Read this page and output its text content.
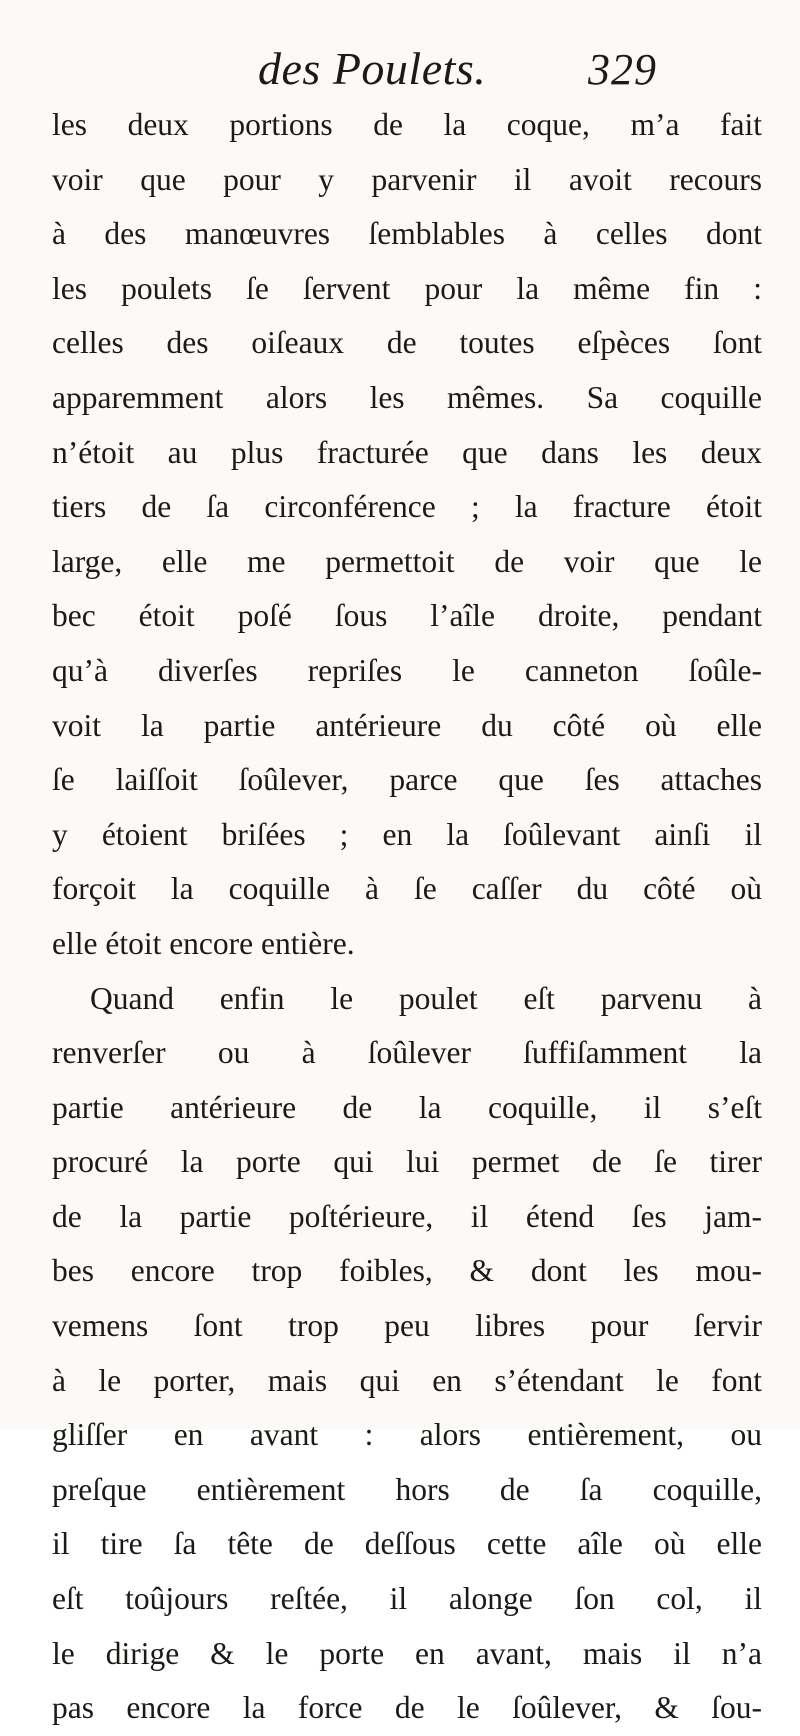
des Poulets. 329
les deux portions de la coque, m’a fait
voir que pour y parvenir il avoit recours
à des manœuvres ſemblables à celles dont
les poulets ſe ſervent pour la même fin :
celles des oiſeaux de toutes eſpèces ſont
apparemment alors les mêmes. Sa coquille
n’étoit au plus fracturée que dans les deux
tiers de ſa circonférence ; la fracture étoit
large, elle me permettoit de voir que le
bec étoit poſé ſous l’aîle droite, pendant
qu’à diverſes repriſes le canneton ſoûle-
voit la partie antérieure du côté où elle
ſe laiſſoit ſoûlever, parce que ſes attaches
y étoient briſées ; en la ſoûlevant ainſi il
forçoit la coquille à ſe caſſer du côté où
elle étoit encore entière.
Quand enfin le poulet eſt parvenu à
renverſer ou à ſoûlever ſuffiſamment la
partie antérieure de la coquille, il s’eſt
procuré la porte qui lui permet de ſe tirer
de la partie poſtérieure, il étend ſes jam-
bes encore trop foibles, & dont les mou-
vemens ſont trop peu libres pour ſervir
à le porter, mais qui en s’étendant le font
gliſſer en avant : alors entièrement, ou
preſque entièrement hors de ſa coquille,
il tire ſa tête de deſſous cette aîle où elle
eſt toûjours reſtée, il alonge ſon col, il
le dirige & le porte en avant, mais il n’a
pas encore la force de le ſoûlever, & ſou-
